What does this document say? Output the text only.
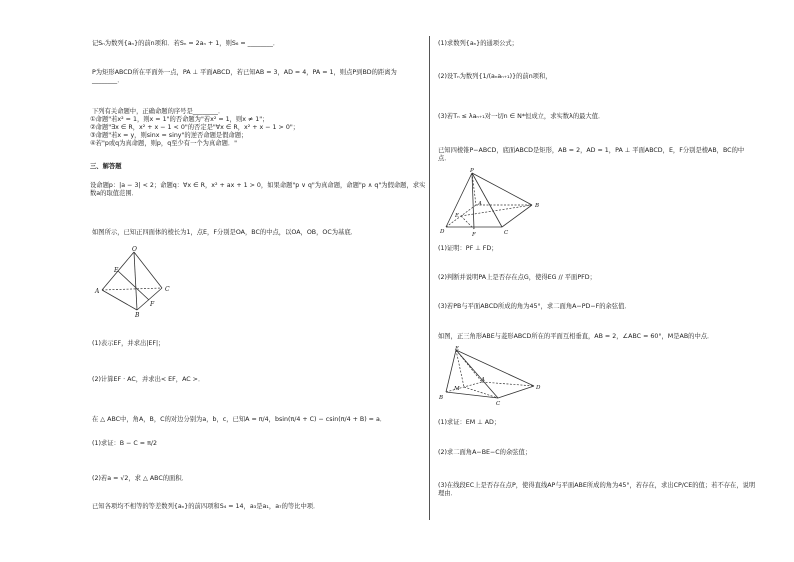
记Sₙ为数列{aₙ}的前n项和．若Sₙ = 2aₙ + 1，则S₆ = ________．
P为矩形ABCD所在平面外一点，PA ⊥ 平面ABCD，若已知AB = 3，AD = 4，PA = 1，则点P到BD的距离为
________．
下列有关命题中，正确命题的序号是________．
①命题"若x² = 1，则x = 1"的否命题为"若x² = 1，则x ≠ 1"；
②命题"∃x ∈ R，x² + x − 1 < 0"的否定是"∀x ∈ R，x² + x − 1 > 0"；
③命题"若x = y，则sinx = siny"的逆否命题是假命题；
④若"p或q为真命题，则p，q至少有一个为真命题．"
三、解答题
设命题p：|a − 3| < 2；命题q：∀x ∈ R，x² + ax + 1 > 0，如果命题"p ∨ q"为真命题，命题"p ∧ q"为假命题，求实
数a的取值范围．
如图所示，已知正四面体的棱长为1，点E，F分别是OA，BC的中点，以OA，OB，OC为基底．
O
E
A	C
F
B
(1)表示EF，并求出|EF|；
(2)计算EF · AC，并求出< EF，AC >．
在 △ ABC中，角A，B，C的对边分别为a，b，c，已知A = π/4，bsin(π/4 + C) − csin(π/4 + B) = a．
(1)求证：B − C = π/2
(2)若a = √2，求 △ ABC的面积．
已知各项均不相等的等差数列{aₙ}的前四项和S₄ = 14，a₃是a₁，a₇的等比中项．
(1)求数列{aₙ}的通项公式；
(2)设Tₙ为数列{1/(aₙaₙ₊₁)}的前n项和，
(3)若Tₙ ≤ λaₙ₊₁对一切n ∈ N*恒成立，求实数λ的最大值．
已知四棱锥P−ABCD，底面ABCD是矩形，AB = 2，AD = 1，PA ⊥ 平面ABCD，E，F分别是棱AB，BC的中
点．
P
B
A
E
F
D	C
(1)证明：PF ⊥ FD；
(2)判断并说明PA上是否存在点G，使得EG // 平面PFD；
(3)若PB与平面ABCD所成的角为45°，求二面角A−PD−F的余弦值．
如图，正三角形ABE与菱形ABCD所在的平面互相垂直，AB = 2，∠ABC = 60°，M是AB的中点．
E
M
A
D
B
C
(1)求证：EM ⊥ AD；
(2)求二面角A−BE−C的余弦值；
(3)在线段EC上是否存在点P，使得直线AP与平面ABE所成的角为45°，若存在，求出CP/CE的值；若不存在，说明
理由．
